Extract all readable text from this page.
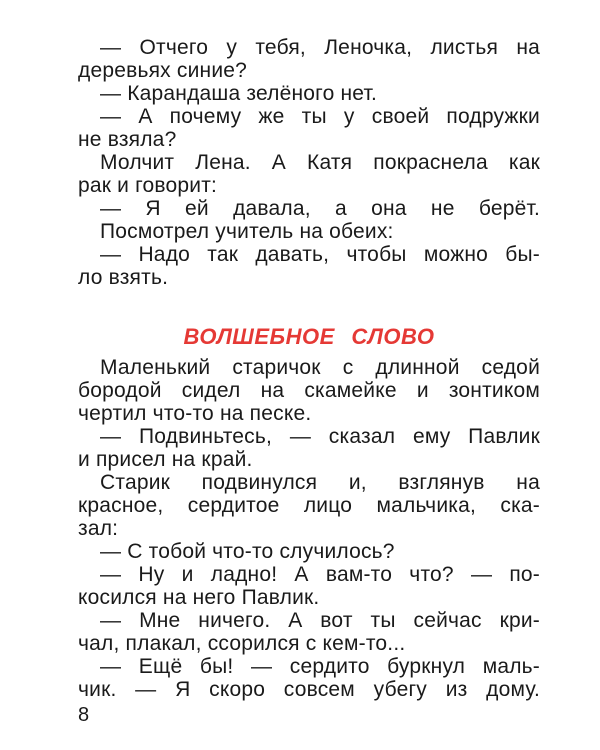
— Отчего у тебя, Леночка, листья на
деревьях синие?
— Карандаша зелёного нет.
— А почему же ты у своей подружки
не взяла?
Молчит Лена. А Катя покраснела как
рак и говорит:
— Я ей давала, а она не берёт.
Посмотрел учитель на обеих:
— Надо так давать, чтобы можно бы-
ло взять.
ВОЛШЕБНОЕ СЛОВО
Маленький старичок с длинной седой
бородой сидел на скамейке и зонтиком
чертил что-то на песке.
— Подвиньтесь, — сказал ему Павлик
и присел на край.
Старик подвинулся и, взглянув на
красное, сердитое лицо мальчика, ска-
зал:
— С тобой что-то случилось?
— Ну и ладно! А вам-то что? — по-
косился на него Павлик.
— Мне ничего. А вот ты сейчас кри-
чал, плакал, ссорился с кем-то...
— Ещё бы! — сердито буркнул маль-
чик. — Я скоро совсем убегу из дому.
8
